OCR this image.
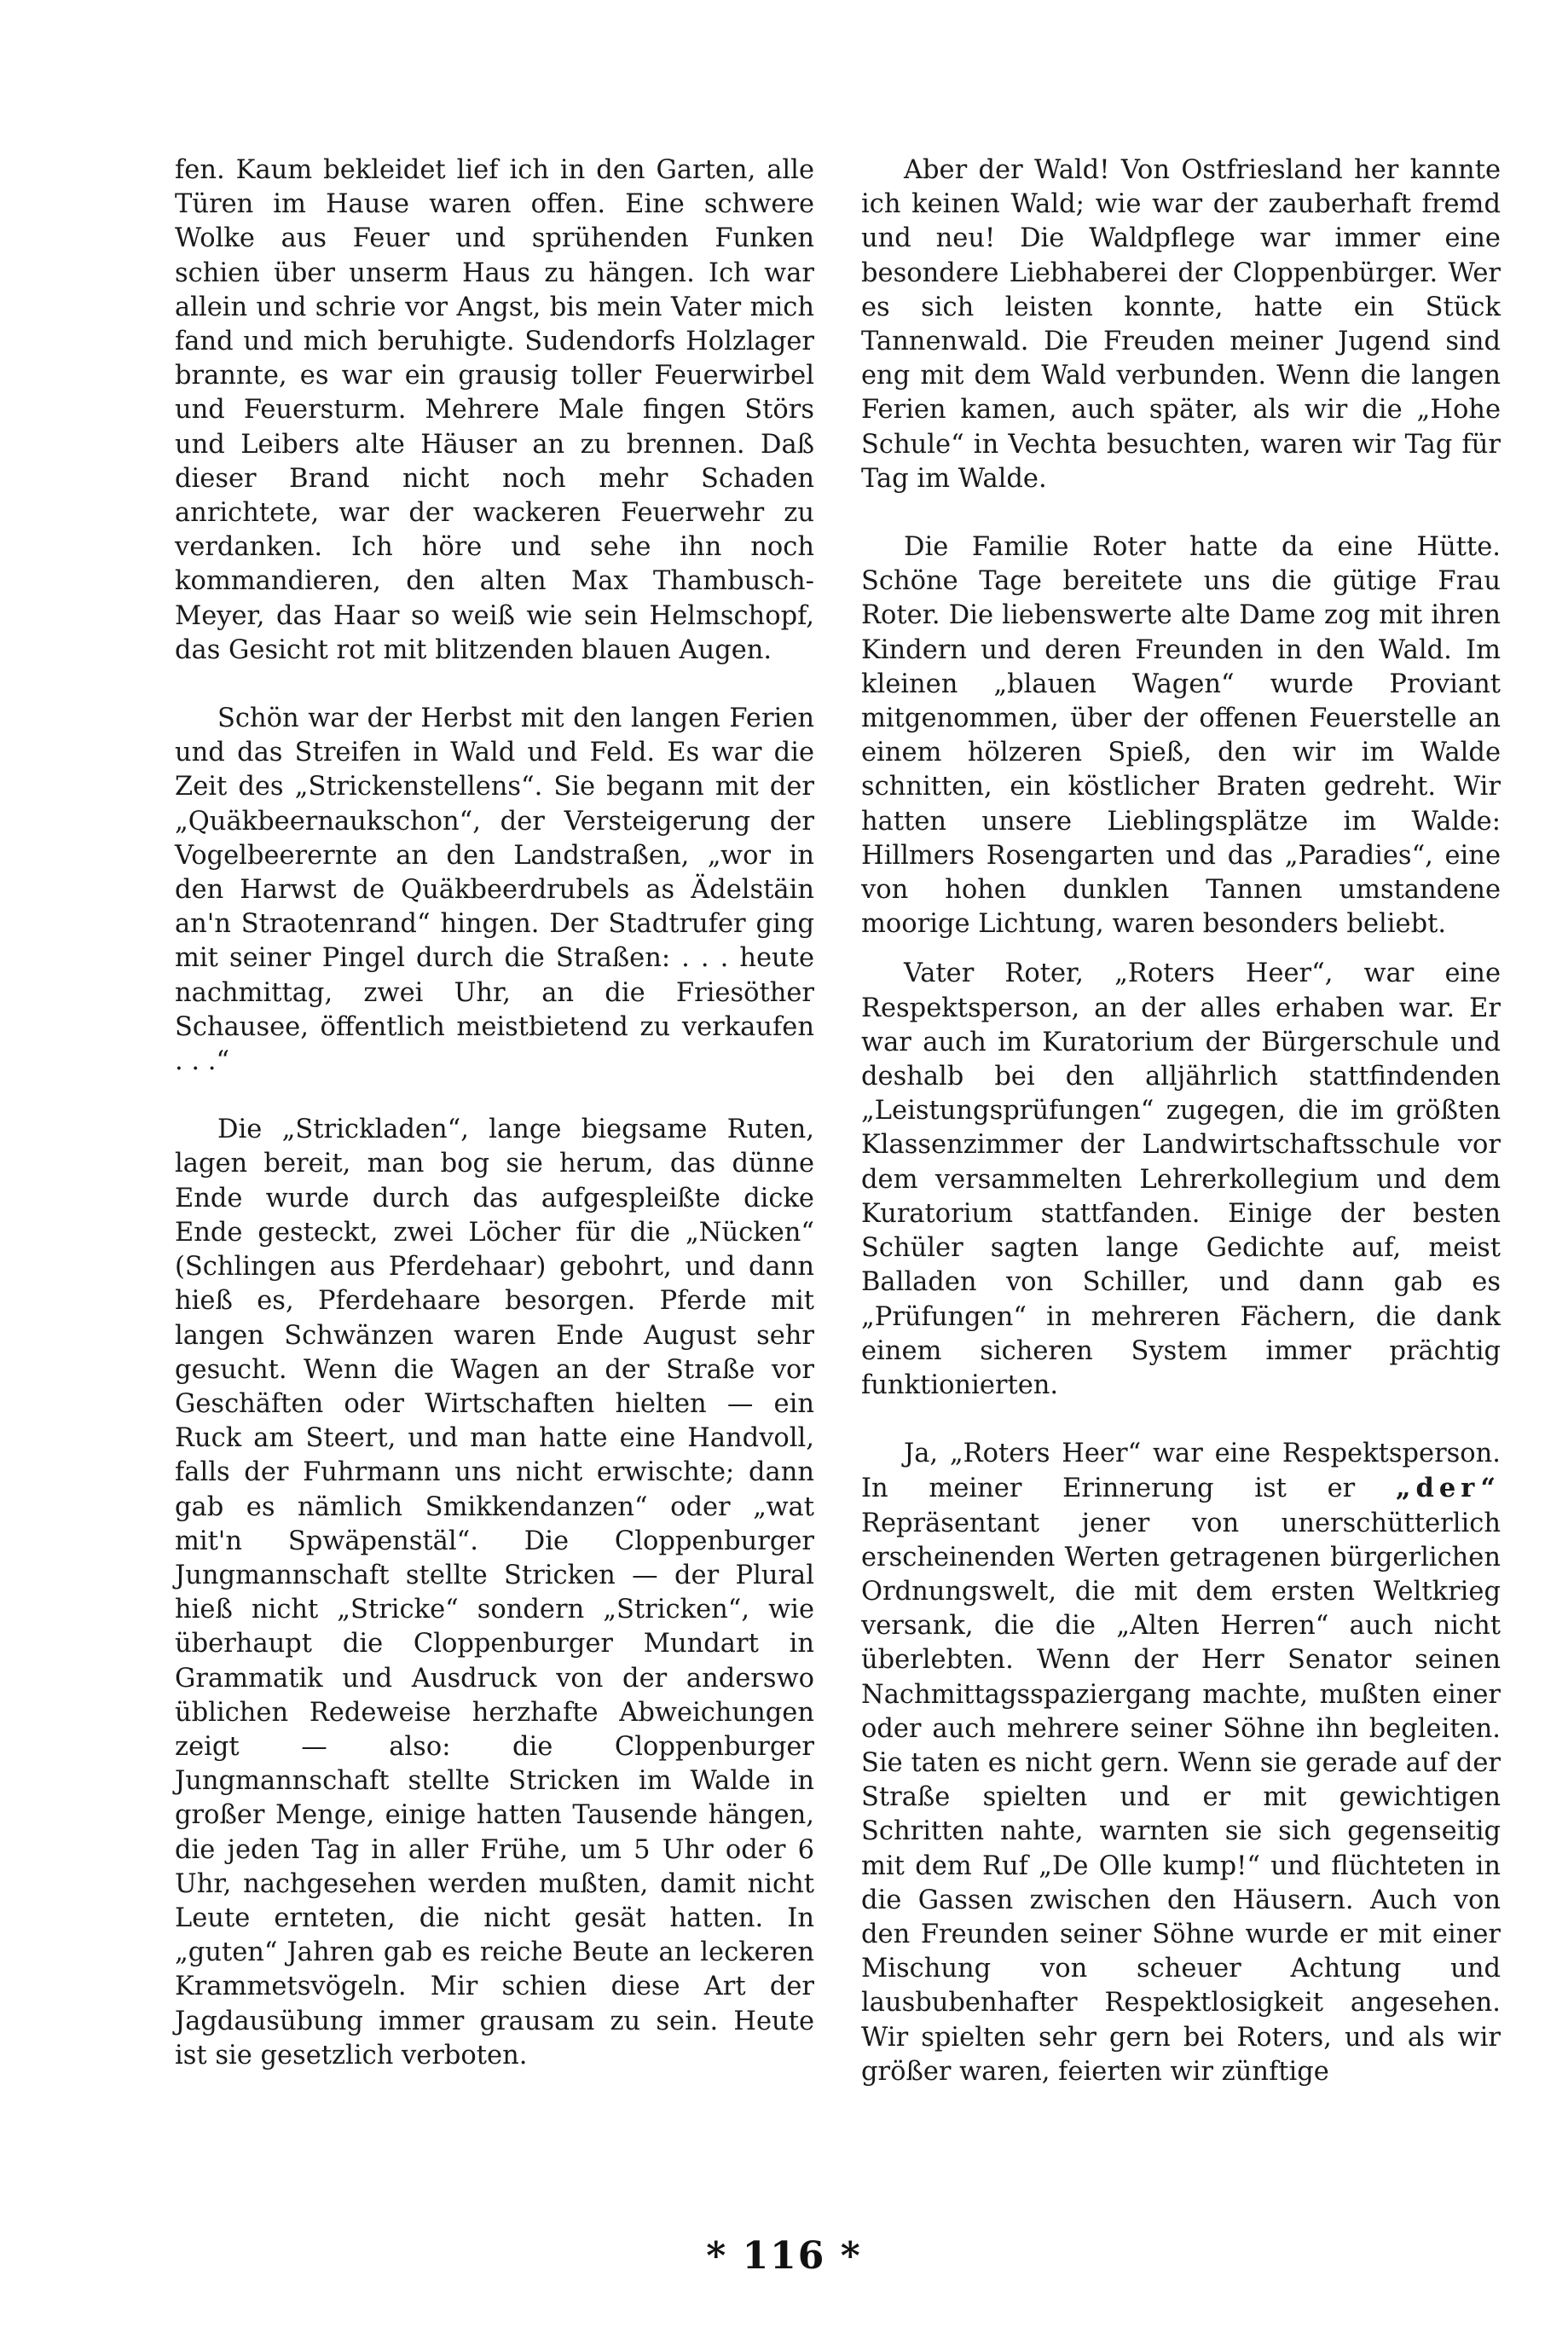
fen. Kaum bekleidet lief ich in den Garten, alle Türen im Hause waren offen. Eine schwere Wolke aus Feuer und sprühenden Funken schien über unserm Haus zu hängen. Ich war allein und schrie vor Angst, bis mein Vater mich fand und mich beruhigte. Sudendorfs Holzlager brannte, es war ein grausig toller Feuerwirbel und Feuersturm. Mehrere Male fingen Störs und Leibers alte Häuser an zu brennen. Daß dieser Brand nicht noch mehr Schaden anrichtete, war der wackeren Feuerwehr zu verdanken. Ich höre und sehe ihn noch kommandieren, den alten Max Thambusch-Meyer, das Haar so weiß wie sein Helmschopf, das Gesicht rot mit blitzenden blauen Augen.

Schön war der Herbst mit den langen Ferien und das Streifen in Wald und Feld. Es war die Zeit des „Strickenstellens“. Sie begann mit der „Quäkbeernaukschon“, der Versteigerung der Vogelbeerernte an den Landstraßen, „wor in den Harwst de Quäkbeerdrubels as Ädelstäin an'n Straotenrand“ hingen. Der Stadtrufer ging mit seiner Pingel durch die Straßen: . . . heute nachmittag, zwei Uhr, an die Friesöther Schausee, öffentlich meistbietend zu verkaufen . . .“

Die „Strickladen“, lange biegsame Ruten, lagen bereit, man bog sie herum, das dünne Ende wurde durch das aufgespleißte dicke Ende gesteckt, zwei Löcher für die „Nücken“ (Schlingen aus Pferdehaar) gebohrt, und dann hieß es, Pferdehaare besorgen. Pferde mit langen Schwänzen waren Ende August sehr gesucht. Wenn die Wagen an der Straße vor Geschäften oder Wirtschaften hielten — ein Ruck am Steert, und man hatte eine Handvoll, falls der Fuhrmann uns nicht erwischte; dann gab es nämlich Smikkendanzen“ oder „wat mit'n Spwäpenstäl“. Die Cloppenburger Jungmannschaft stellte Stricken — der Plural hieß nicht „Stricke“ sondern „Stricken“, wie überhaupt die Cloppenburger Mundart in Grammatik und Ausdruck von der anderswo üblichen Redeweise herzhafte Abweichungen zeigt — also: die Cloppenburger Jungmannschaft stellte Stricken im Walde in großer Menge, einige hatten Tausende hängen, die jeden Tag in aller Frühe, um 5 Uhr oder 6 Uhr, nachgesehen werden mußten, damit nicht Leute ernteten, die nicht gesät hatten. In „guten“ Jahren gab es reiche Beute an leckeren Krammetsvögeln. Mir schien diese Art der Jagdausübung immer grausam zu sein. Heute ist sie gesetzlich verboten.

Aber der Wald! Von Ostfriesland her kannte ich keinen Wald; wie war der zauberhaft fremd und neu! Die Waldpflege war immer eine besondere Liebhaberei der Cloppenbürger. Wer es sich leisten konnte, hatte ein Stück Tannenwald. Die Freuden meiner Jugend sind eng mit dem Wald verbunden. Wenn die langen Ferien kamen, auch später, als wir die „Hohe Schule“ in Vechta besuchten, waren wir Tag für Tag im Walde.

Die Familie Roter hatte da eine Hütte. Schöne Tage bereitete uns die gütige Frau Roter. Die liebenswerte alte Dame zog mit ihren Kindern und deren Freunden in den Wald. Im kleinen „blauen Wagen“ wurde Proviant mitgenommen, über der offenen Feuerstelle an einem hölzeren Spieß, den wir im Walde schnitten, ein köstlicher Braten gedreht. Wir hatten unsere Lieblingsplätze im Walde: Hillmers Rosengarten und das „Paradies“, eine von hohen dunklen Tannen umstandene moorige Lichtung, waren besonders beliebt.

Vater Roter, „Roters Heer“, war eine Respektsperson, an der alles erhaben war. Er war auch im Kuratorium der Bürgerschule und deshalb bei den alljährlich stattfindenden „Leistungsprüfungen“ zugegen, die im größten Klassenzimmer der Landwirtschaftsschule vor dem versammelten Lehrerkollegium und dem Kuratorium stattfanden. Einige der besten Schüler sagten lange Gedichte auf, meist Balladen von Schiller, und dann gab es „Prüfungen“ in mehreren Fächern, die dank einem sicheren System immer prächtig funktionierten.

Ja, „Roters Heer“ war eine Respektsperson. In meiner Erinnerung ist er „der“ Repräsentant jener von unerschütterlich erscheinenden Werten getragenen bürgerlichen Ordnungswelt, die mit dem ersten Weltkrieg versank, die die „Alten Herren“ auch nicht überlebten. Wenn der Herr Senator seinen Nachmittagsspaziergang machte, mußten einer oder auch mehrere seiner Söhne ihn begleiten. Sie taten es nicht gern. Wenn sie gerade auf der Straße spielten und er mit gewichtigen Schritten nahte, warnten sie sich gegenseitig mit dem Ruf „De Olle kump!“ und flüchteten in die Gassen zwischen den Häusern. Auch von den Freunden seiner Söhne wurde er mit einer Mischung von scheuer Achtung und lausbubenhafter Respektlosigkeit angesehen. Wir spielten sehr gern bei Roters, und als wir größer waren, feierten wir zünftige

* 116 *
